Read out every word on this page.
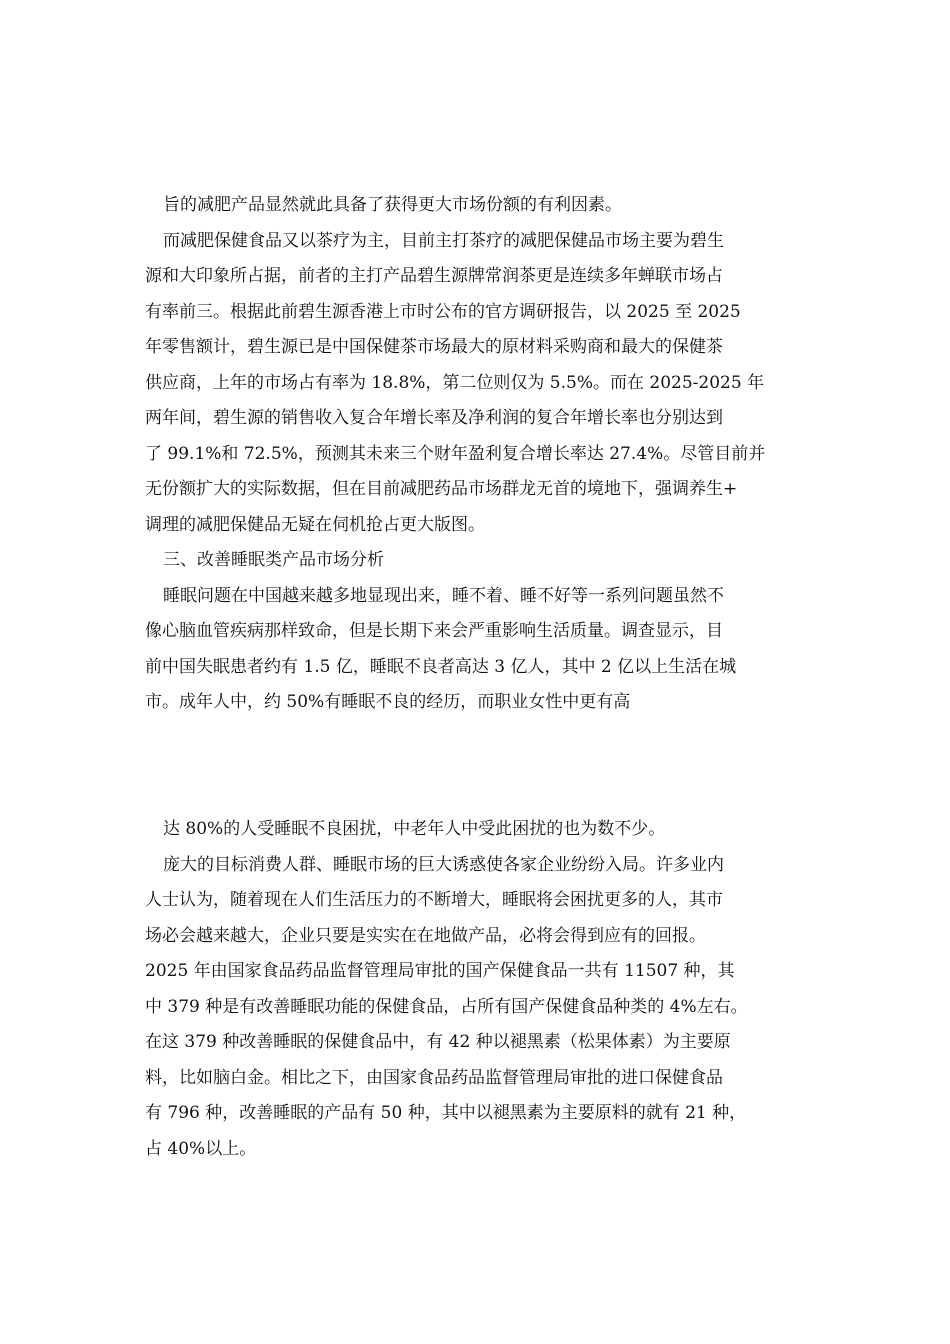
旨的减肥产品显然就此具备了获得更大市场份额的有利因素。
而减肥保健食品又以茶疗为主，目前主打茶疗的减肥保健品市场主要为碧生
源和大印象所占据，前者的主打产品碧生源牌常润茶更是连续多年蝉联市场占
有率前三。根据此前碧生源香港上市时公布的官方调研报告，以 2025 至 2025
年零售额计，碧生源已是中国保健茶市场最大的原材料采购商和最大的保健茶
供应商，上年的市场占有率为 18.8%，第二位则仅为 5.5%。而在 2025-2025 年
两年间，碧生源的销售收入复合年增长率及净利润的复合年增长率也分别达到
了 99.1%和 72.5%，预测其未来三个财年盈利复合增长率达 27.4%。尽管目前并
无份额扩大的实际数据，但在目前减肥药品市场群龙无首的境地下，强调养生+
调理的减肥保健品无疑在伺机抢占更大版图。
三、改善睡眠类产品市场分析
睡眠问题在中国越来越多地显现出来，睡不着、睡不好等一系列问题虽然不
像心脑血管疾病那样致命，但是长期下来会严重影响生活质量。调查显示，目
前中国失眠患者约有 1.5 亿，睡眠不良者高达 3 亿人，其中 2 亿以上生活在城
市。成年人中，约 50%有睡眠不良的经历，而职业女性中更有高
达 80%的人受睡眠不良困扰，中老年人中受此困扰的也为数不少。
庞大的目标消费人群、睡眠市场的巨大诱惑使各家企业纷纷入局。许多业内
人士认为，随着现在人们生活压力的不断增大，睡眠将会困扰更多的人，其市
场必会越来越大，企业只要是实实在在地做产品，必将会得到应有的回报。
2025 年由国家食品药品监督管理局审批的国产保健食品一共有 11507 种，其
中 379 种是有改善睡眠功能的保健食品，占所有国产保健食品种类的 4%左右。
在这 379 种改善睡眠的保健食品中，有 42 种以褪黑素（松果体素）为主要原
料，比如脑白金。相比之下，由国家食品药品监督管理局审批的进口保健食品
有 796 种，改善睡眠的产品有 50 种，其中以褪黑素为主要原料的就有 21 种，
占 40%以上。
